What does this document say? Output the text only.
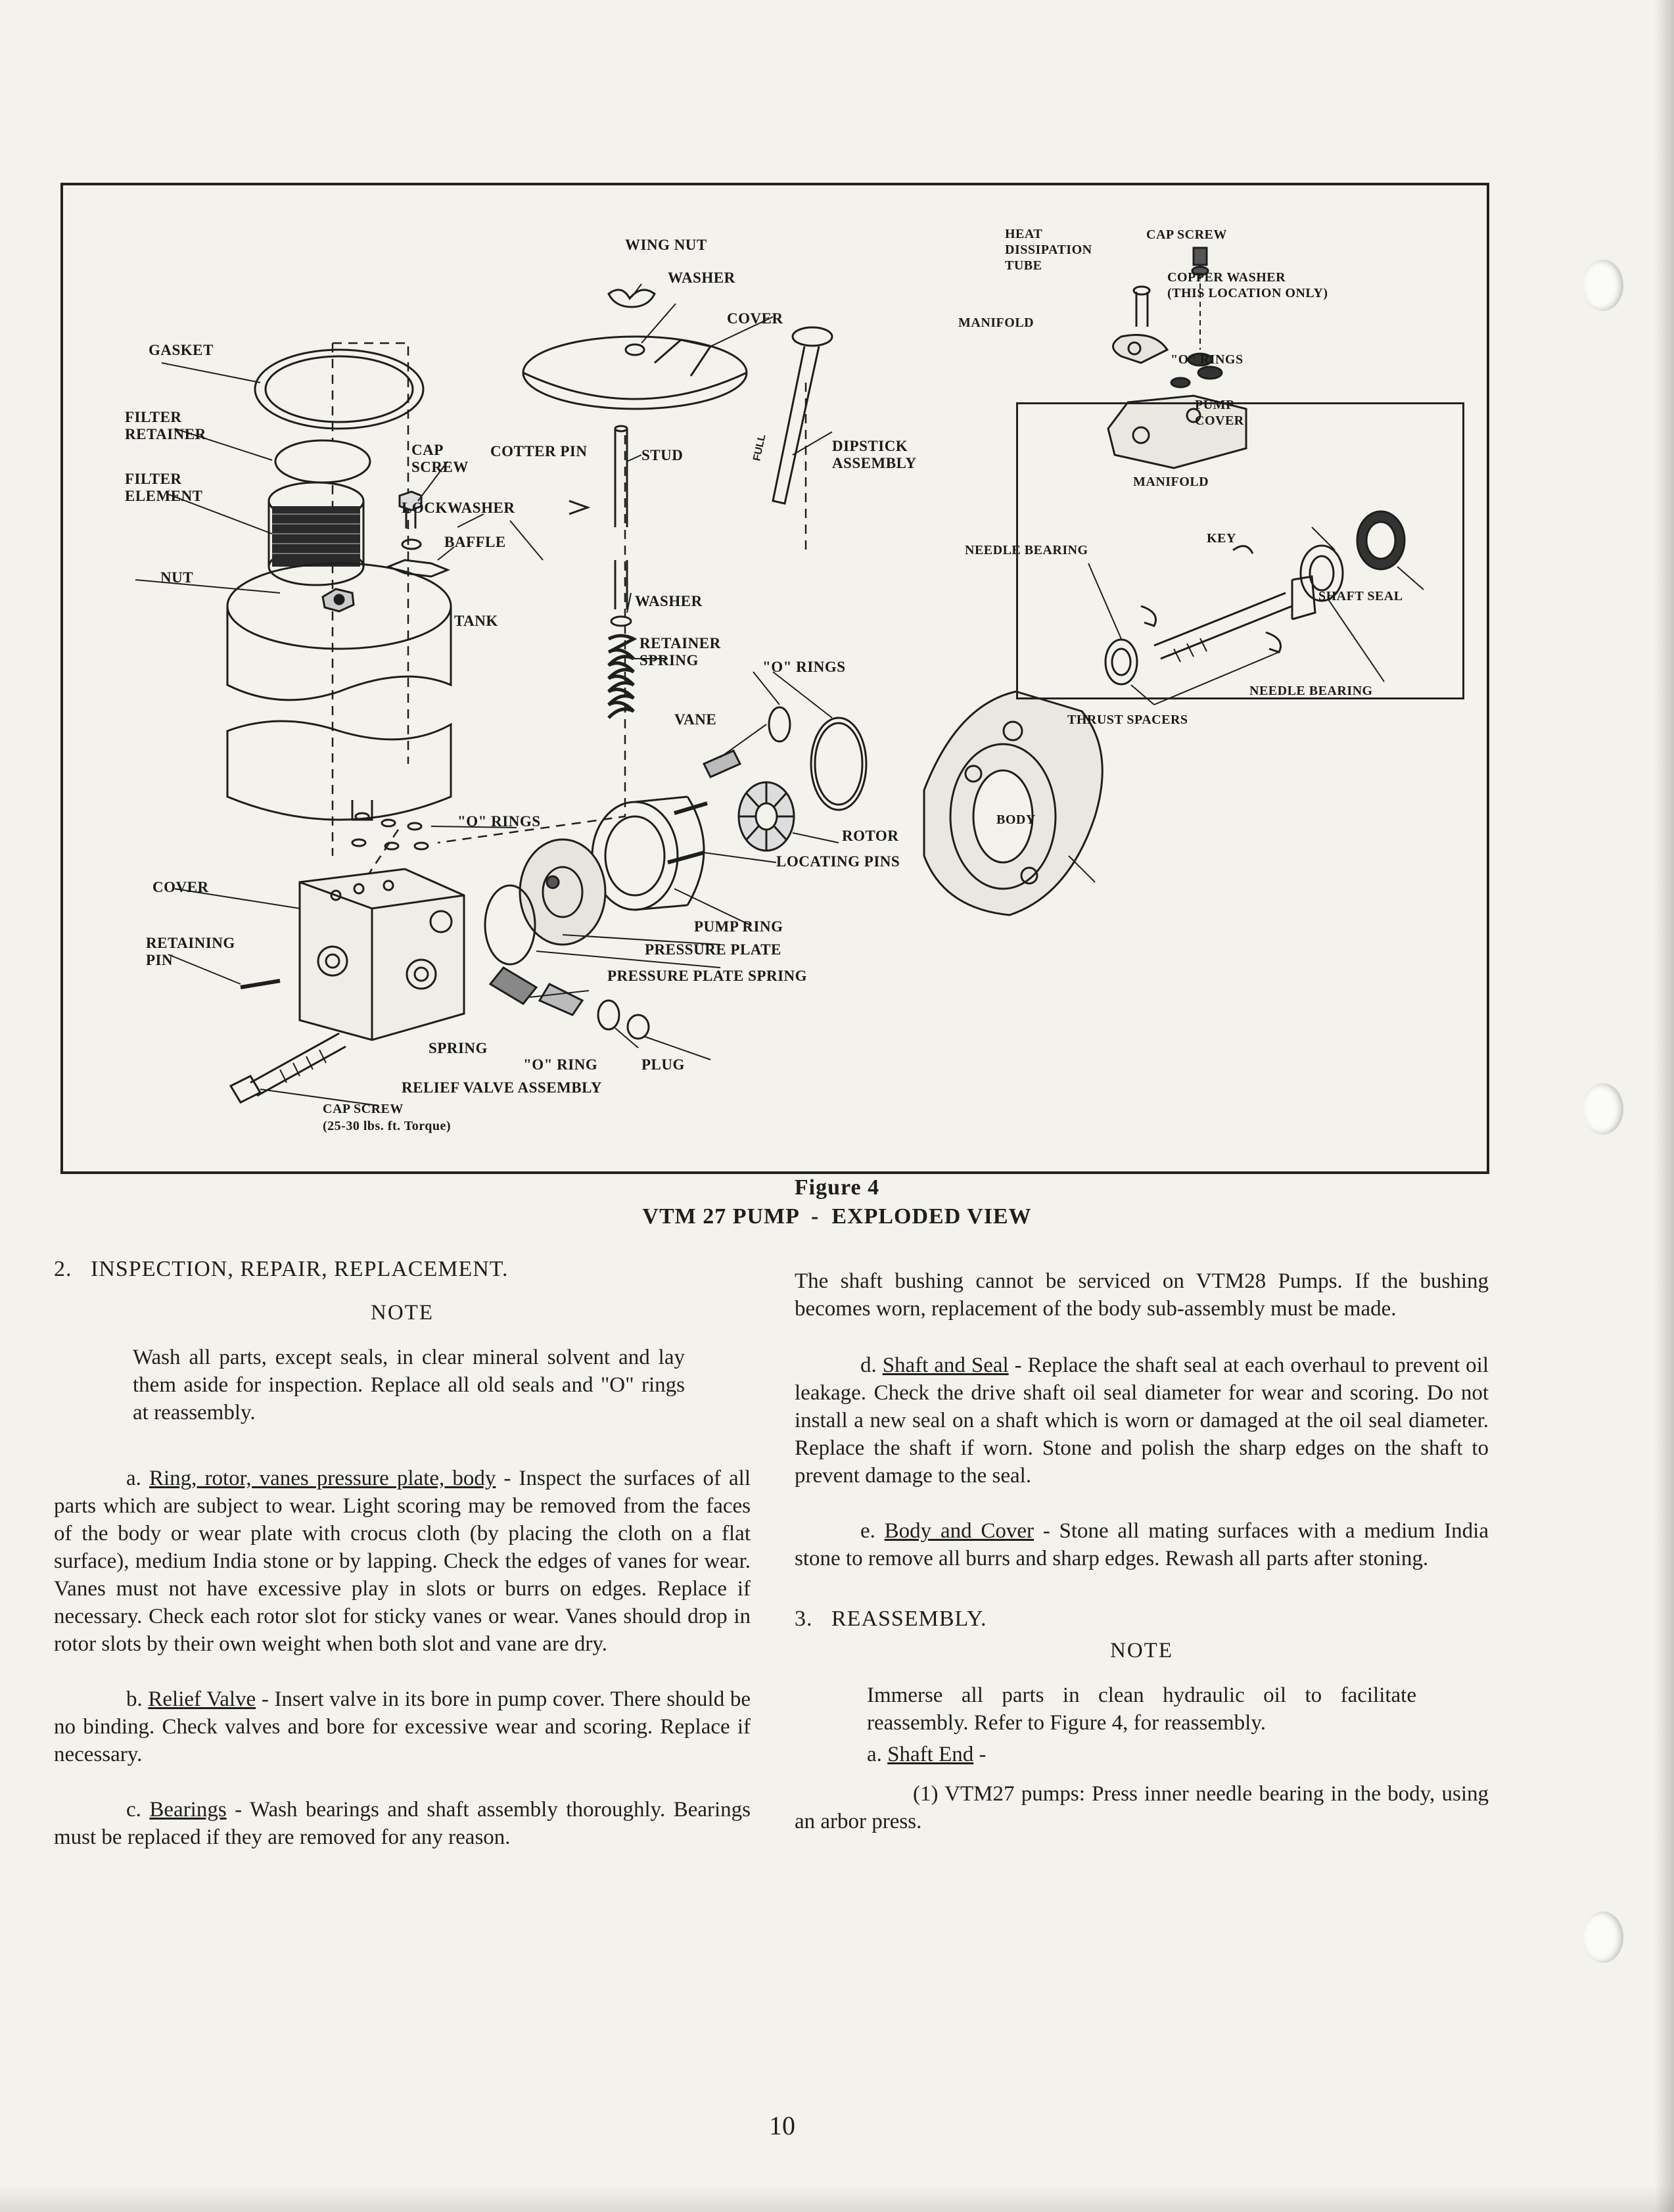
FULL
GASKET
FILTER
RETAINER
FILTER
ELEMENT
NUT
CAP
SCREW
LOCKWASHER
BAFFLE
TANK
COVER
RETAINING
PIN
WING NUT
WASHER
COVER
COTTER PIN	STUD
DIPSTICK
ASSEMBLY
WASHER
RETAINER
SPRING	"O" RINGS
VANE
"O" RINGS
ROTOR
LOCATING PINS
PUMP RING
PRESSURE PLATE
PRESSURE PLATE SPRING
SPRING
"O" RING	PLUG
RELIEF VALVE ASSEMBLY
CAP SCREW
(25-30 lbs. ft. Torque)
HEAT
DISSIPATION
TUBE
CAP SCREW
COPPER WASHER
(THIS LOCATION ONLY)
MANIFOLD
"O" RINGS
PUMP
COVER
MANIFOLD
NEEDLE BEARING
KEY
SHAFT SEAL
NEEDLE BEARING
THRUST SPACERS
BODY
Figure 4
VTM 27 PUMP  -  EXPLODED VIEW

2.   INSPECTION, REPAIR, REPLACEMENT.

NOTE

Wash all parts, except seals, in clear mineral solvent and lay them aside for inspection. Replace all old seals and "O" rings at reassembly.

a. Ring, rotor, vanes pressure plate, body - Inspect the surfaces of all parts which are subject to wear. Light scoring may be removed from the faces of the body or wear plate with crocus cloth (by placing the cloth on a flat surface), medium India stone or by lapping. Check the edges of vanes for wear. Vanes must not have excessive play in slots or burrs on edges. Replace if necessary. Check each rotor slot for sticky vanes or wear. Vanes should drop in rotor slots by their own weight when both slot and vane are dry.

b. Relief Valve - Insert valve in its bore in pump cover. There should be no binding. Check valves and bore for excessive wear and scoring. Replace if necessary.

c. Bearings - Wash bearings and shaft assembly thoroughly. Bearings must be replaced if they are removed for any reason.

The shaft bushing cannot be serviced on VTM28 Pumps. If the bushing becomes worn, replacement of the body sub-assembly must be made.

d. Shaft and Seal - Replace the shaft seal at each overhaul to prevent oil leakage. Check the drive shaft oil seal diameter for wear and scoring. Do not install a new seal on a shaft which is worn or damaged at the oil seal diameter. Replace the shaft if worn. Stone and polish the sharp edges on the shaft to prevent damage to the seal.

e. Body and Cover - Stone all mating surfaces with a medium India stone to remove all burrs and sharp edges. Rewash all parts after stoning.

3.   REASSEMBLY.

NOTE

Immerse all parts in clean hydraulic oil to facilitate reassembly. Refer to Figure 4, for reassembly.

a. Shaft End -

(1) VTM27 pumps: Press inner needle bearing in the body, using an arbor press.

10
